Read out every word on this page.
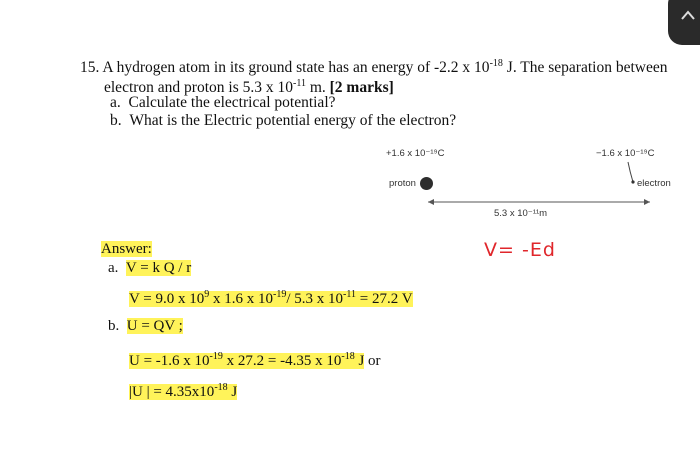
15. A hydrogen atom in its ground state has an energy of -2.2 x $10^{-18}$ J. The separation between
electron and proton is 5.3 x $10^{-11}$ m. [2 marks]
a. Calculate the electrical potential?
b. What is the Electric potential energy of the electron?
+1.6 x 10⁻¹⁹C
proton
−1.6 x 10⁻¹⁹C
electron
5.3 x 10⁻¹¹m
V= -Ed
Answer:
a. V = k Q / r
V = 9.0 x $10^9$ x 1.6 x $10^{-19}/$ 5.3 x $10^{-11} = 27.2$ V
b. U = QV ;
U = -1.6 x $10^{-19}$ x 27.2 = -4.35 x $10^{-18}$ J or
|U | = $4.35x10^{-18}$ J
